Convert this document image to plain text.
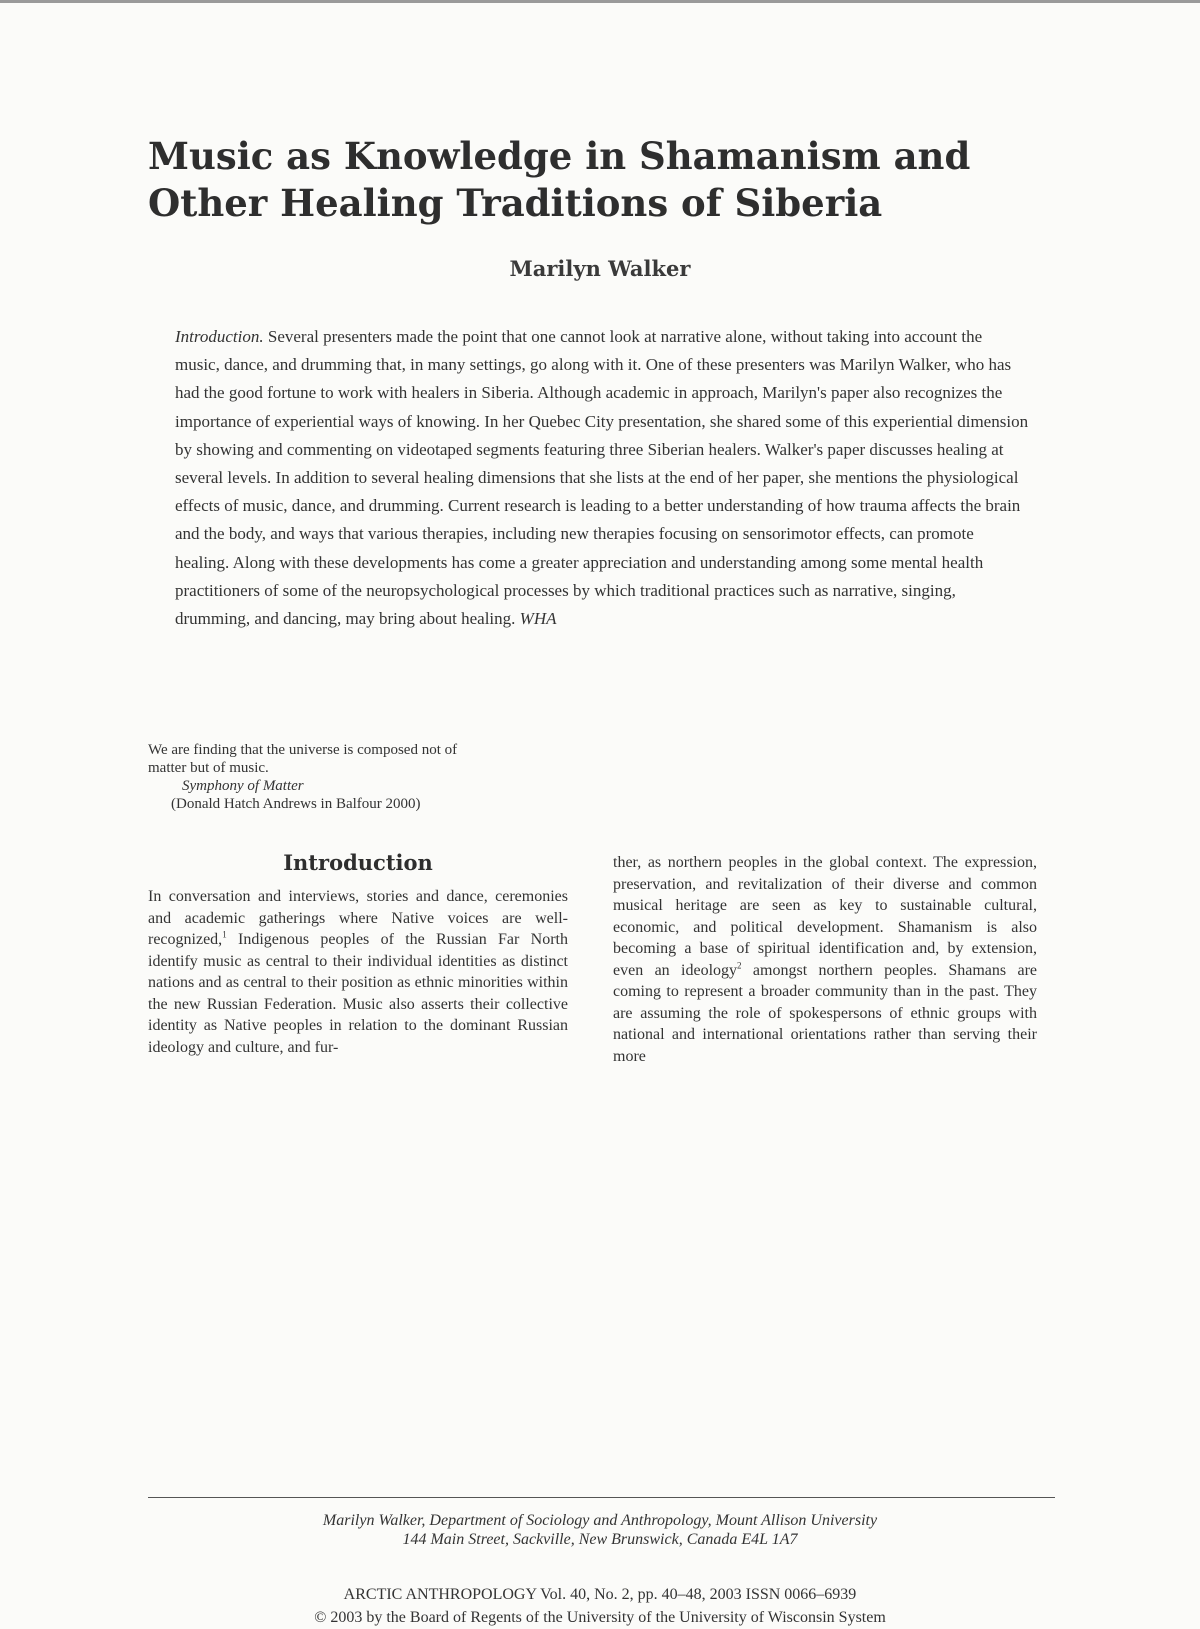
Music as Knowledge in Shamanism and
Other Healing Traditions of Siberia
Marilyn Walker
Introduction. Several presenters made the point that one cannot look at narrative alone, without taking into account the music, dance, and drumming that, in many settings, go along with it. One of these presenters was Marilyn Walker, who has had the good fortune to work with healers in Siberia. Although academic in approach, Marilyn's paper also recognizes the importance of experiential ways of knowing. In her Quebec City presentation, she shared some of this experiential dimension by showing and commenting on videotaped segments featuring three Siberian healers. Walker's paper discusses healing at several levels. In addition to several healing dimensions that she lists at the end of her paper, she mentions the physiological effects of music, dance, and drumming. Current research is leading to a better understanding of how trauma affects the brain and the body, and ways that various therapies, including new therapies focusing on sensorimotor effects, can promote healing. Along with these developments has come a greater appreciation and understanding among some mental health practitioners of some of the neuropsychological processes by which traditional practices such as narrative, singing, drumming, and dancing, may bring about healing. WHA
We are finding that the universe is composed not of
matter but of music.
Symphony of Matter
(Donald Hatch Andrews in Balfour 2000)
Introduction
In conversation and interviews, stories and dance, ceremonies and academic gatherings where Native voices are well-recognized,$^1$ Indigenous peoples of the Russian Far North identify music as central to their individual identities as distinct nations and as central to their position as ethnic minorities within the new Russian Federation. Music also asserts their collective identity as Native peoples in relation to the dominant Russian ideology and culture, and fur-
ther, as northern peoples in the global context. The expression, preservation, and revitalization of their diverse and common musical heritage are seen as key to sustainable cultural, economic, and political development. Shamanism is also becoming a base of spiritual identification and, by extension, even an ideology$^2$ amongst northern peoples. Shamans are coming to represent a broader community than in the past. They are assuming the role of spokespersons of ethnic groups with national and international orientations rather than serving their more
Marilyn Walker, Department of Sociology and Anthropology, Mount Allison University
144 Main Street, Sackville, New Brunswick, Canada E4L 1A7
ARCTIC ANTHROPOLOGY Vol. 40, No. 2, pp. 40–48, 2003 ISSN 0066–6939
© 2003 by the Board of Regents of the University of the University of Wisconsin System
